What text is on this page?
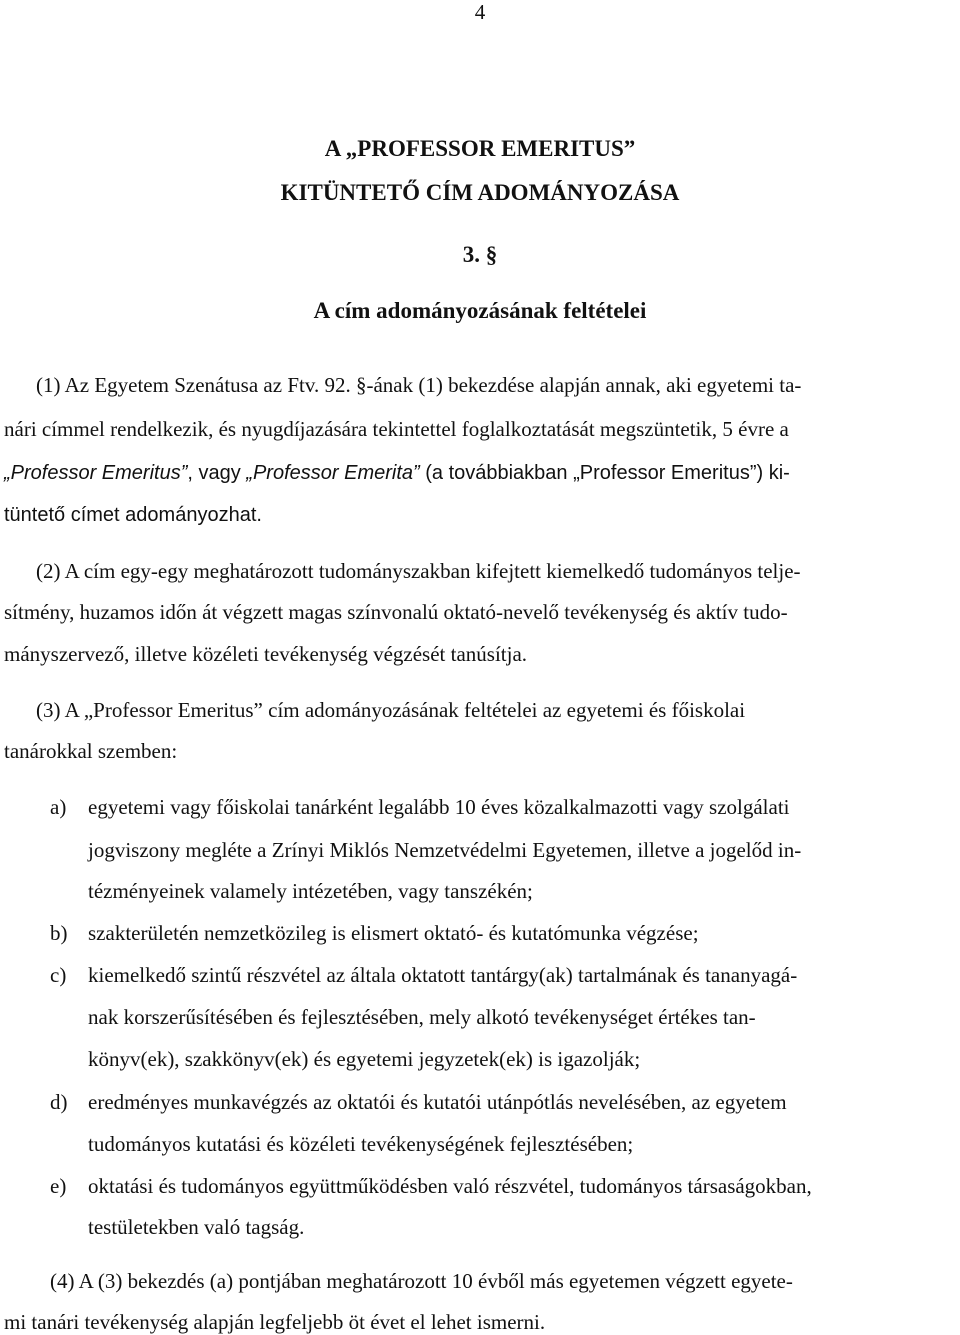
4
A „PROFESSOR EMERITUS”
KITÜNTETŐ CÍM ADOMÁNYOZÁSA
3. §
A cím adományozásának feltételei
(1) Az Egyetem Szenátusa az Ftv. 92. §-ának (1) bekezdése alapján annak, aki egyetemi ta-
nári címmel rendelkezik, és nyugdíjazására tekintettel foglalkoztatását megszüntetik, 5 évre a
„Professor Emeritus”, vagy „Professor Emerita” (a továbbiakban „Professor Emeritus”) ki-
tüntető címet adományozhat.
(2) A cím egy-egy meghatározott tudományszakban kifejtett kiemelkedő tudományos telje-
sítmény, huzamos időn át végzett magas színvonalú oktató-nevelő tevékenység és aktív tudo-
mányszervező, illetve közéleti tevékenység végzését tanúsítja.
(3) A „Professor Emeritus” cím adományozásának feltételei az egyetemi és főiskolai
tanárokkal szemben:
a)	egyetemi vagy főiskolai tanárként legalább 10 éves közalkalmazotti vagy szolgálati
jogviszony megléte a Zrínyi Miklós Nemzetvédelmi Egyetemen, illetve a jogelőd in-
tézményeinek valamely intézetében, vagy tanszékén;
b) szakterületén nemzetközileg is elismert oktató- és kutatómunka végzése;
c)	kiemelkedő szintű részvétel az általa oktatott tantárgy(ak) tartalmának és tananyagá-
nak korszerűsítésében és fejlesztésében, mely alkotó tevékenységet értékes tan-
könyv(ek), szakkönyv(ek) és egyetemi jegyzetek(ek) is igazolják;
d) eredményes munkavégzés az oktatói és kutatói utánpótlás nevelésében, az egyetem
tudományos kutatási és közéleti tevékenységének fejlesztésében;
e)	oktatási és tudományos együttműködésben való részvétel, tudományos társaságokban,
testületekben való tagság.
(4) A (3) bekezdés (a) pontjában meghatározott 10 évből más egyetemen végzett egyete-
mi tanári tevékenység alapján legfeljebb öt évet el lehet ismerni.
